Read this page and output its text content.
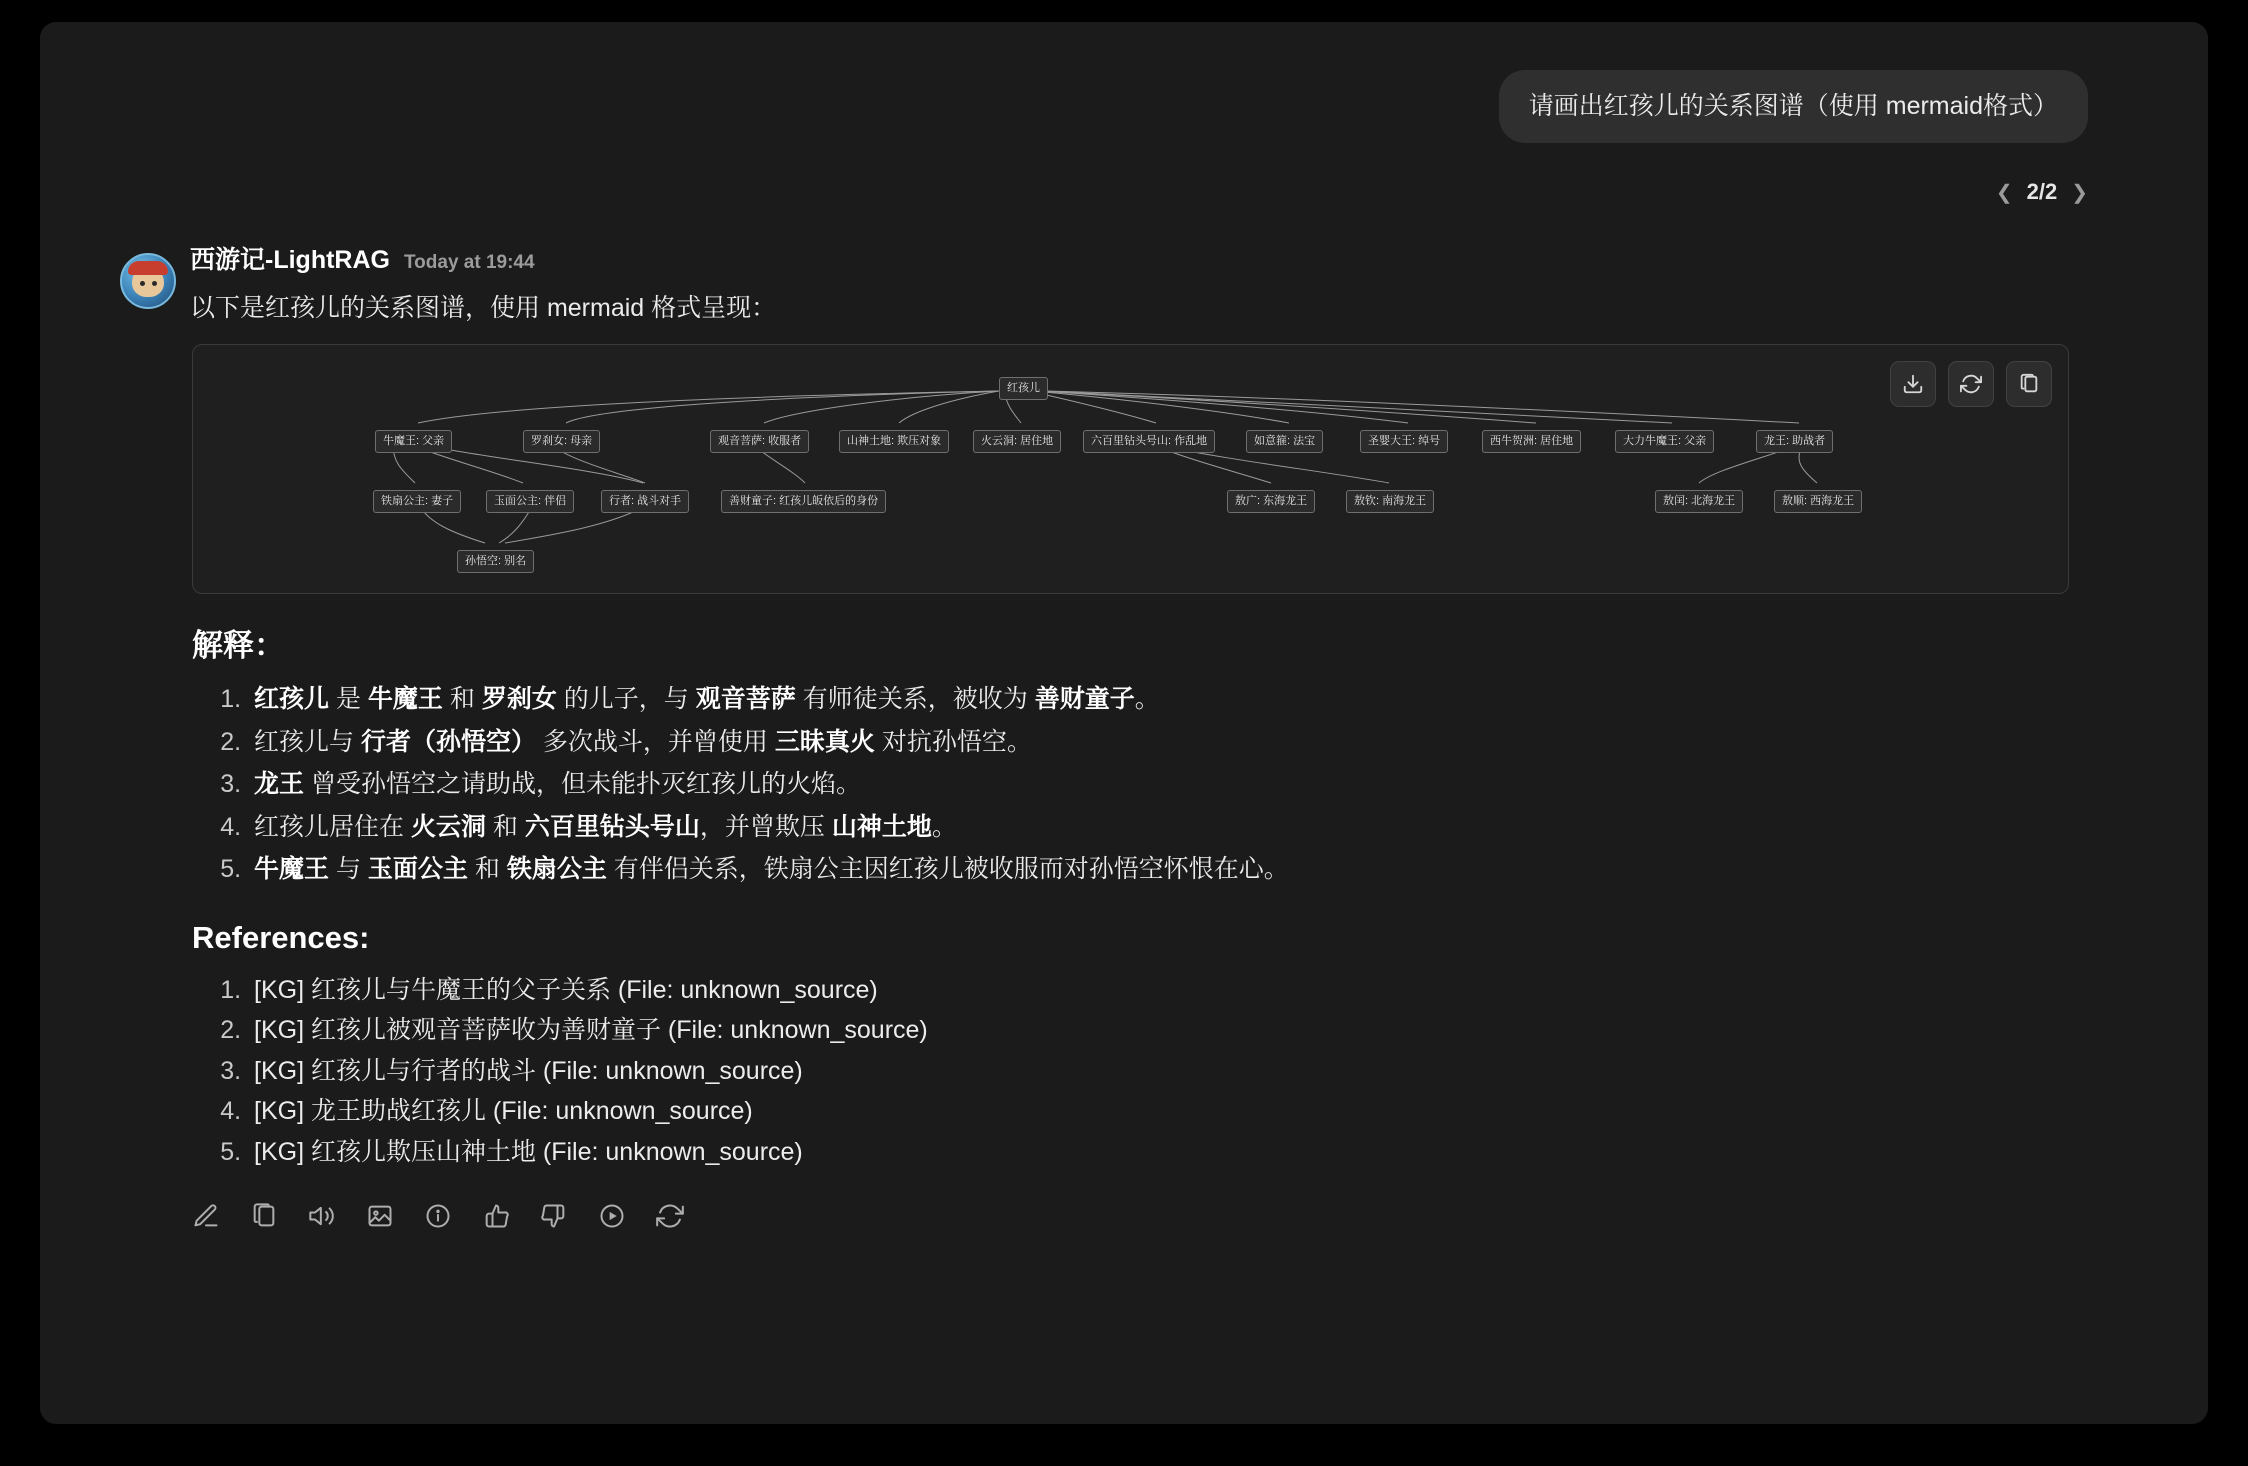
请画出红孩儿的关系图谱（使用 mermaid格式）
❮ 2/2 ❯
西游记-LightRAG Today at 19:44
以下是红孩儿的关系图谱，使用 mermaid 格式呈现：
红孩儿
牛魔王: 父亲	罗刹女: 母亲	观音菩萨: 收服者	山神土地: 欺压对象	火云洞: 居住地	六百里钻头号山: 作乱地	如意箍: 法宝	圣婴大王: 绰号	西牛贺洲: 居住地	大力牛魔王: 父亲	龙王: 助战者
铁扇公主: 妻子	玉面公主: 伴侣	行者: 战斗对手	善财童子: 红孩儿皈依后的身份	敖广: 东海龙王	敖钦: 南海龙王	敖闰: 北海龙王	敖顺: 西海龙王
孙悟空: 别名
解释：
1. 红孩儿 是 牛魔王 和 罗刹女 的儿子，与 观音菩萨 有师徒关系，被收为 善财童子。
2. 红孩儿与 行者（孙悟空） 多次战斗，并曾使用 三昧真火 对抗孙悟空。
3. 龙王 曾受孙悟空之请助战，但未能扑灭红孩儿的火焰。
4. 红孩儿居住在 火云洞 和 六百里钻头号山，并曾欺压 山神土地。
5. 牛魔王 与 玉面公主 和 铁扇公主 有伴侣关系，铁扇公主因红孩儿被收服而对孙悟空怀恨在心。
References:
1. [KG] 红孩儿与牛魔王的父子关系 (File: unknown_source)
2. [KG] 红孩儿被观音菩萨收为善财童子 (File: unknown_source)
3. [KG] 红孩儿与行者的战斗 (File: unknown_source)
4. [KG] 龙王助战红孩儿 (File: unknown_source)
5. [KG] 红孩儿欺压山神土地 (File: unknown_source)
